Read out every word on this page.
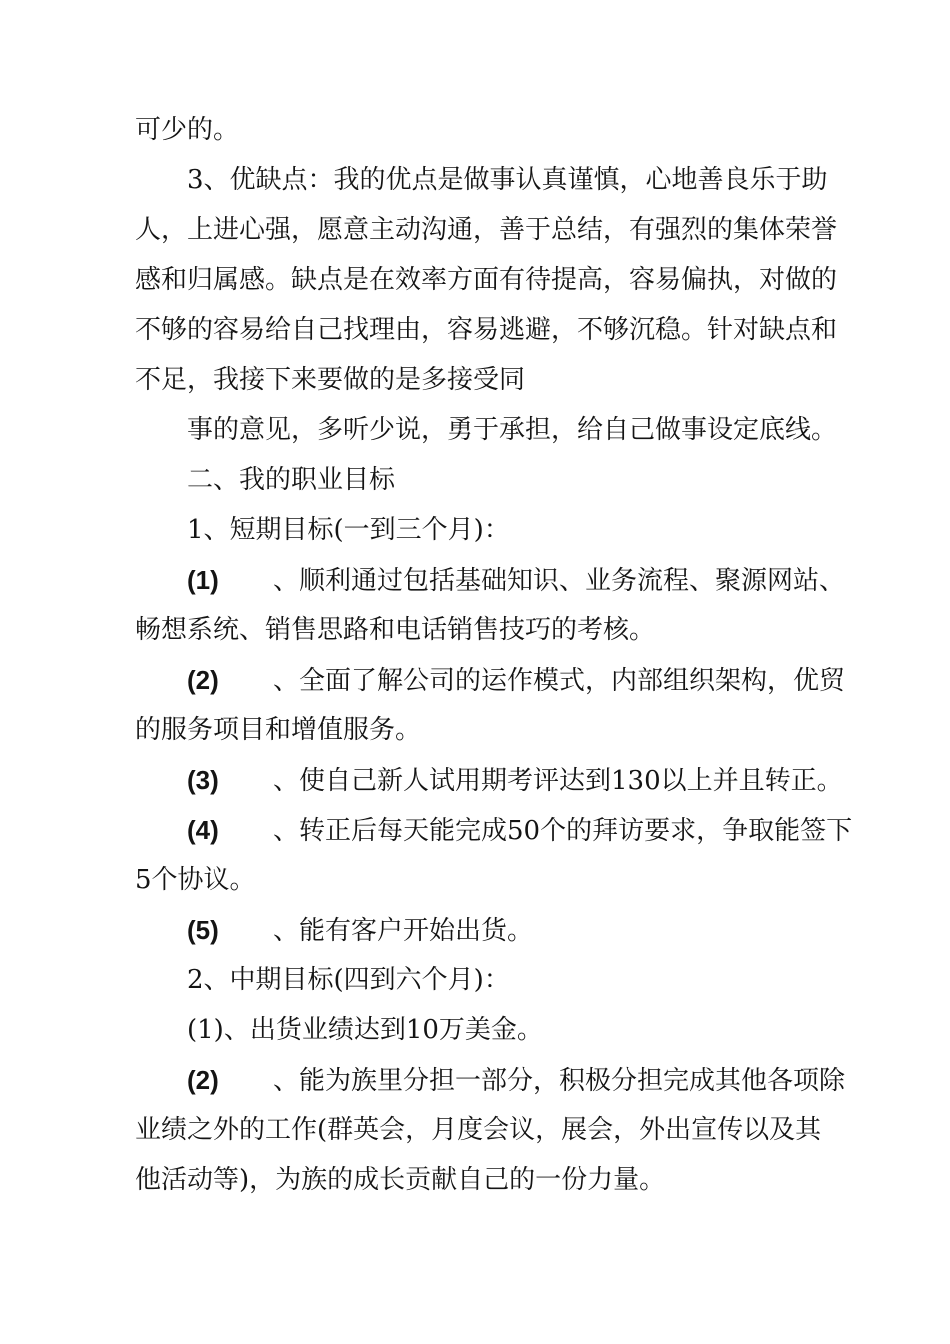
可少的。
3、优缺点：我的优点是做事认真谨慎，心地善良乐于助
人，上进心强，愿意主动沟通，善于总结，有强烈的集体荣誉
感和归属感。缺点是在效率方面有待提高，容易偏执，对做的
不够的容易给自己找理由，容易逃避，不够沉稳。针对缺点和
不足，我接下来要做的是多接受同
事的意见，多听少说，勇于承担，给自己做事设定底线。
二、我的职业目标
1、短期目标(一到三个月)：
(1) 、顺利通过包括基础知识、业务流程、聚源网站、
畅想系统、销售思路和电话销售技巧的考核。
(2) 、全面了解公司的运作模式，内部组织架构，优贸
的服务项目和增值服务。
(3) 、使自己新人试用期考评达到130以上并且转正。
(4) 、转正后每天能完成50个的拜访要求，争取能签下
5个协议。
(5) 、能有客户开始出货。
2、中期目标(四到六个月)：
(1)、出货业绩达到10万美金。
(2) 、能为族里分担一部分，积极分担完成其他各项除
业绩之外的工作(群英会，月度会议，展会，外出宣传以及其
他活动等)，为族的成长贡献自己的一份力量。
